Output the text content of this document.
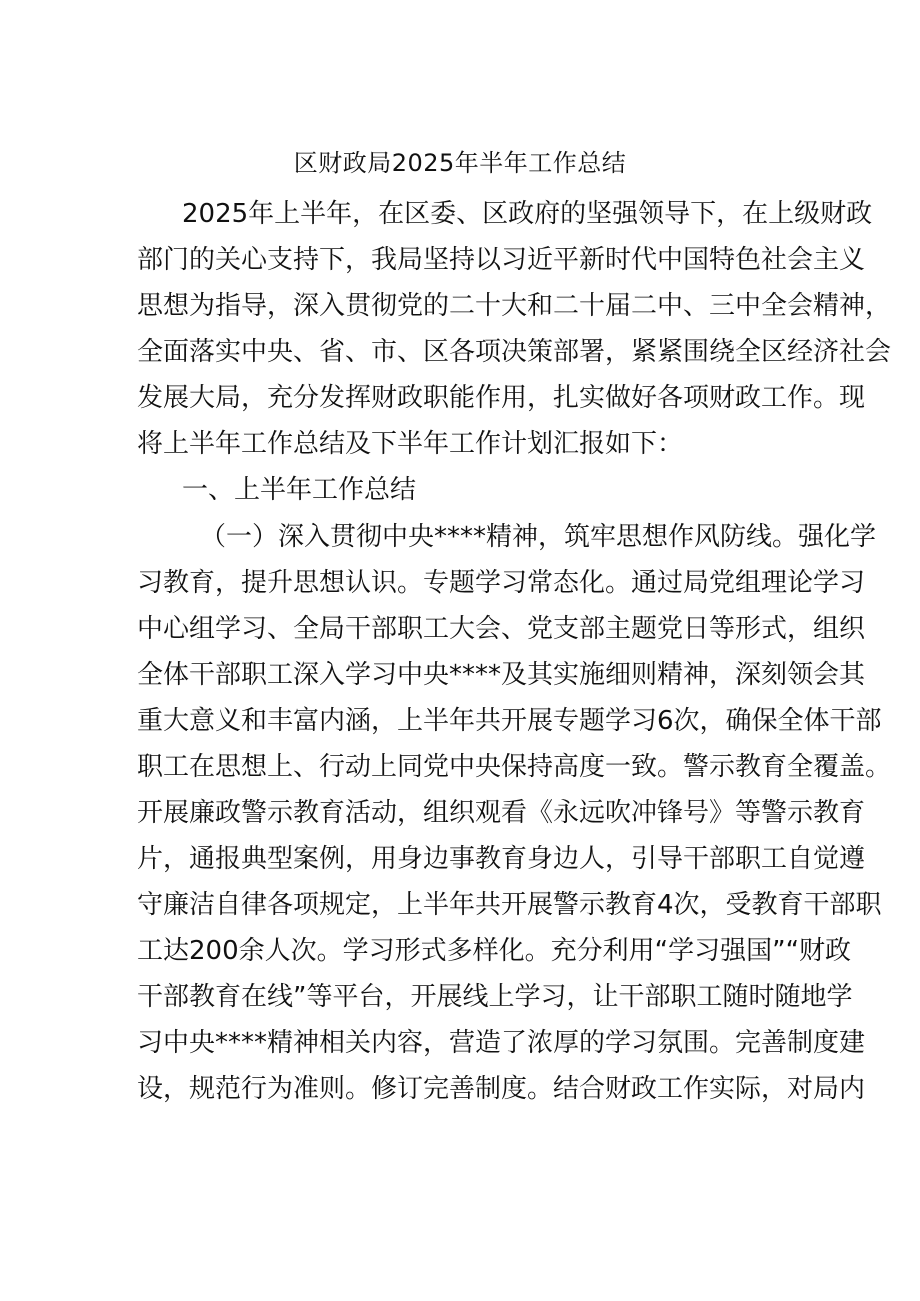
区财政局2025年半年工作总结
2025年上半年，在区委、区政府的坚强领导下，在上级财政
部门的关心支持下，我局坚持以习近平新时代中国特色社会主义
思想为指导，深入贯彻党的二十大和二十届二中、三中全会精神，
全面落实中央、省、市、区各项决策部署，紧紧围绕全区经济社会
发展大局，充分发挥财政职能作用，扎实做好各项财政工作。现
将上半年工作总结及下半年工作计划汇报如下：
一、上半年工作总结
（一）深入贯彻中央****精神，筑牢思想作风防线。强化学
习教育，提升思想认识。专题学习常态化。通过局党组理论学习
中心组学习、全局干部职工大会、党支部主题党日等形式，组织
全体干部职工深入学习中央****及其实施细则精神，深刻领会其
重大意义和丰富内涵，上半年共开展专题学习6次，确保全体干部
职工在思想上、行动上同党中央保持高度一致。警示教育全覆盖。
开展廉政警示教育活动，组织观看《永远吹冲锋号》等警示教育
片，通报典型案例，用身边事教育身边人，引导干部职工自觉遵
守廉洁自律各项规定，上半年共开展警示教育4次，受教育干部职
工达200余人次。学习形式多样化。充分利用“学习强国”“财政
干部教育在线”等平台，开展线上学习，让干部职工随时随地学
习中央****精神相关内容，营造了浓厚的学习氛围。完善制度建
设，规范行为准则。修订完善制度。结合财政工作实际，对局内
